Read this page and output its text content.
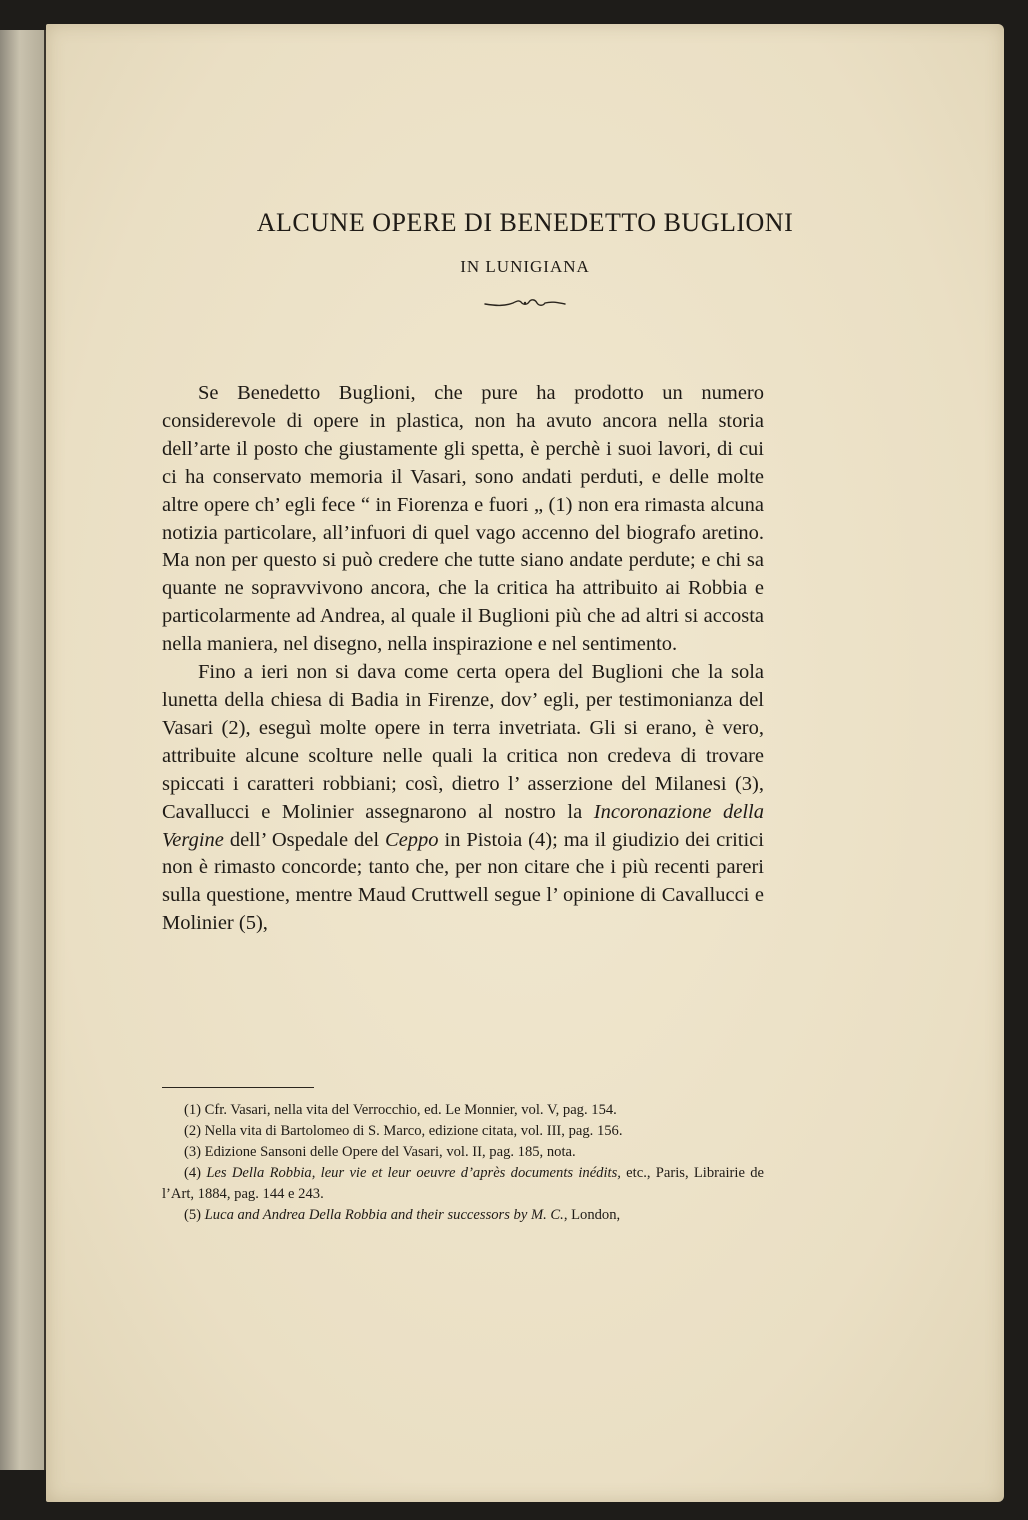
ALCUNE OPERE DI BENEDETTO BUGLIONI
IN LUNIGIANA

Se Benedetto Buglioni, che pure ha prodotto un numero considerevole di opere in plastica, non ha avuto ancora nella storia dell’arte il posto che giustamente gli spetta, è perchè i suoi lavori, di cui ci ha conservato memoria il Vasari, sono andati perduti, e delle molte altre opere ch’ egli fece “ in Fiorenza e fuori „ (1) non era rimasta alcuna notizia particolare, all’infuori di quel vago accenno del biografo aretino. Ma non per questo si può credere che tutte siano andate perdute; e chi sa quante ne sopravvivono ancora, che la critica ha attribuito ai Robbia e particolarmente ad Andrea, al quale il Buglioni più che ad altri si accosta nella maniera, nel disegno, nella inspirazione e nel sentimento.

Fino a ieri non si dava come certa opera del Buglioni che la sola lunetta della chiesa di Badia in Firenze, dov’ egli, per testimonianza del Vasari (2), eseguì molte opere in terra invetriata. Gli si erano, è vero, attribuite alcune scolture nelle quali la critica non credeva di trovare spiccati i caratteri robbiani; così, dietro l’ asserzione del Milanesi (3), Cavallucci e Molinier assegnarono al nostro la Incoronazione della Vergine dell’ Ospedale del Ceppo in Pistoia (4); ma il giudizio dei critici non è rimasto concorde; tanto che, per non citare che i più recenti pareri sulla questione, mentre Maud Cruttwell segue l’ opinione di Cavallucci e Molinier (5),

(1) Cfr. Vasari, nella vita del Verrocchio, ed. Le Monnier, vol. V, pag. 154.

(2) Nella vita di Bartolomeo di S. Marco, edizione citata, vol. III, pag. 156.

(3) Edizione Sansoni delle Opere del Vasari, vol. II, pag. 185, nota.

(4) Les Della Robbia, leur vie et leur oeuvre d’après documents inédits, etc., Paris, Librairie de l’Art, 1884, pag. 144 e 243.

(5) Luca and Andrea Della Robbia and their successors by M. C., London,
